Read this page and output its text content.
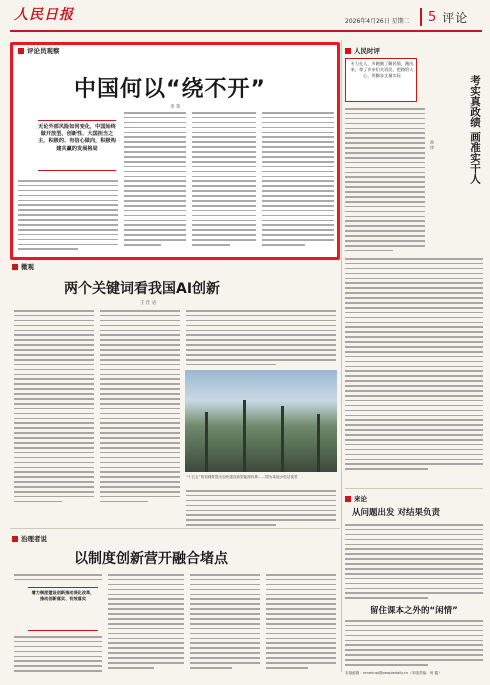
人民日报	2026年4月26日 星期二 5 评论
评论员观察
中国何以“绕不开”
李 荣
无论外部风险如何变化，中国始终做开放型、创新性、大国担当之主，积极的、有信心做向，积极构建共赢的发展格局
人民时评
专力在人，多跑腿了解民情，跑出来，拿了乡亲们关切民，把路给人心，用脚步丈量实际	考实真政绩 画准实干人
曲 律
微观
两个关键词看我国AI创新
王 仕 岩
“十五五”规划纲要提出加快建设新型能源体系……图为某地水电站夜景
治理者说
以制度创新营开融合堵点
着力制度建设创新推动深化改革，推动创新落实、有效落实
来论
从问题出发 对结果负责
留住课本之外的“闲情”
本版邮箱：renminpl@peopledaily.cn（本版责编：何 鑫）
